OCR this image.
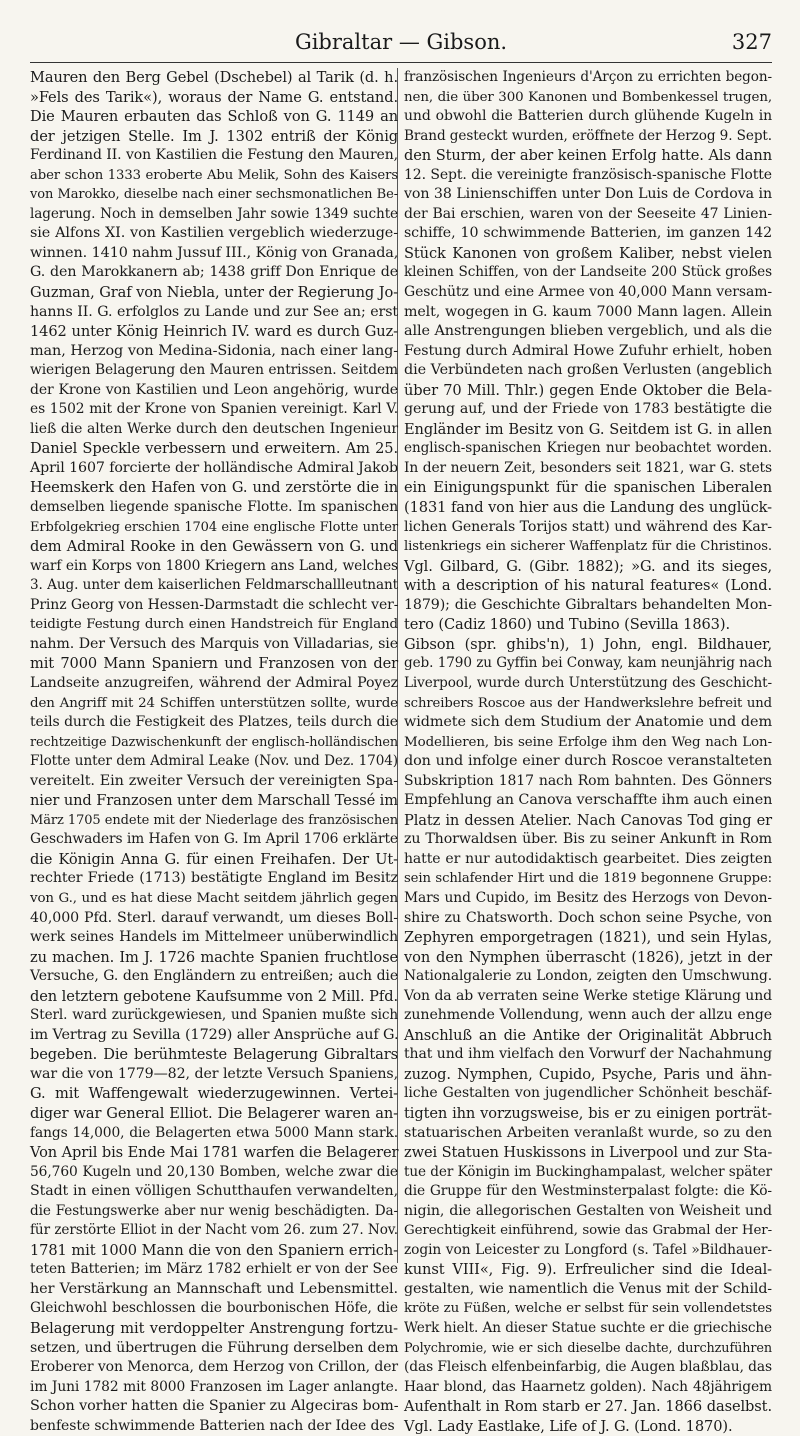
Gibraltar — Gibson.	327
Mauren den Berg Gebel (Dschebel) al Tarik (d. h.
»Fels des Tarik«), woraus der Name G. entstand.
Die Mauren erbauten das Schloß von G. 1149 an
der jetzigen Stelle. Im J. 1302 entriß der König
Ferdinand II. von Kastilien die Festung den Mauren,
aber schon 1333 eroberte Abu Melik, Sohn des Kaisers
von Marokko, dieselbe nach einer sechsmonatlichen Be-
lagerung. Noch in demselben Jahr sowie 1349 suchte
sie Alfons XI. von Kastilien vergeblich wiederzuge-
winnen. 1410 nahm Jussuf III., König von Granada,
G. den Marokkanern ab; 1438 griff Don Enrique de
Guzman, Graf von Niebla, unter der Regierung Jo-
hanns II. G. erfolglos zu Lande und zur See an; erst
1462 unter König Heinrich IV. ward es durch Guz-
man, Herzog von Medina-Sidonia, nach einer lang-
wierigen Belagerung den Mauren entrissen. Seitdem
der Krone von Kastilien und Leon angehörig, wurde
es 1502 mit der Krone von Spanien vereinigt. Karl V.
ließ die alten Werke durch den deutschen Ingenieur
Daniel Speckle verbessern und erweitern. Am 25.
April 1607 forcierte der holländische Admiral Jakob
Heemskerk den Hafen von G. und zerstörte die in
demselben liegende spanische Flotte. Im spanischen
Erbfolgekrieg erschien 1704 eine englische Flotte unter
dem Admiral Rooke in den Gewässern von G. und
warf ein Korps von 1800 Kriegern ans Land, welches
3. Aug. unter dem kaiserlichen Feldmarschallleutnant
Prinz Georg von Hessen-Darmstadt die schlecht ver-
teidigte Festung durch einen Handstreich für England
nahm. Der Versuch des Marquis von Villadarias, sie
mit 7000 Mann Spaniern und Franzosen von der
Landseite anzugreifen, während der Admiral Poyez
den Angriff mit 24 Schiffen unterstützen sollte, wurde
teils durch die Festigkeit des Platzes, teils durch die
rechtzeitige Dazwischenkunft der englisch-holländischen
Flotte unter dem Admiral Leake (Nov. und Dez. 1704)
vereitelt. Ein zweiter Versuch der vereinigten Spa-
nier und Franzosen unter dem Marschall Tessé im
März 1705 endete mit der Niederlage des französischen
Geschwaders im Hafen von G. Im April 1706 erklärte
die Königin Anna G. für einen Freihafen. Der Ut-
rechter Friede (1713) bestätigte England im Besitz
von G., und es hat diese Macht seitdem jährlich gegen
40,000 Pfd. Sterl. darauf verwandt, um dieses Boll-
werk seines Handels im Mittelmeer unüberwindlich
zu machen. Im J. 1726 machte Spanien fruchtlose
Versuche, G. den Engländern zu entreißen; auch die
den letztern gebotene Kaufsumme von 2 Mill. Pfd.
Sterl. ward zurückgewiesen, und Spanien mußte sich
im Vertrag zu Sevilla (1729) aller Ansprüche auf G.
begeben. Die berühmteste Belagerung Gibraltars
war die von 1779—82, der letzte Versuch Spaniens,
G. mit Waffengewalt wiederzugewinnen. Vertei-
diger war General Elliot. Die Belagerer waren an-
fangs 14,000, die Belagerten etwa 5000 Mann stark.
Von April bis Ende Mai 1781 warfen die Belagerer
56,760 Kugeln und 20,130 Bomben, welche zwar die
Stadt in einen völligen Schutthaufen verwandelten,
die Festungswerke aber nur wenig beschädigten. Da-
für zerstörte Elliot in der Nacht vom 26. zum 27. Nov.
1781 mit 1000 Mann die von den Spaniern errich-
teten Batterien; im März 1782 erhielt er von der See
her Verstärkung an Mannschaft und Lebensmittel.
Gleichwohl beschlossen die bourbonischen Höfe, die
Belagerung mit verdoppelter Anstrengung fortzu-
setzen, und übertrugen die Führung derselben dem
Eroberer von Menorca, dem Herzog von Crillon, der
im Juni 1782 mit 8000 Franzosen im Lager anlangte.
Schon vorher hatten die Spanier zu Algeciras bom-
benfeste schwimmende Batterien nach der Idee des
französischen Ingenieurs d'Arçon zu errichten begon-
nen, die über 300 Kanonen und Bombenkessel trugen,
und obwohl die Batterien durch glühende Kugeln in
Brand gesteckt wurden, eröffnete der Herzog 9. Sept.
den Sturm, der aber keinen Erfolg hatte. Als dann
12. Sept. die vereinigte französisch-spanische Flotte
von 38 Linienschiffen unter Don Luis de Cordova in
der Bai erschien, waren von der Seeseite 47 Linien-
schiffe, 10 schwimmende Batterien, im ganzen 142
Stück Kanonen von großem Kaliber, nebst vielen
kleinen Schiffen, von der Landseite 200 Stück großes
Geschütz und eine Armee von 40,000 Mann versam-
melt, wogegen in G. kaum 7000 Mann lagen. Allein
alle Anstrengungen blieben vergeblich, und als die
Festung durch Admiral Howe Zufuhr erhielt, hoben
die Verbündeten nach großen Verlusten (angeblich
über 70 Mill. Thlr.) gegen Ende Oktober die Bela-
gerung auf, und der Friede von 1783 bestätigte die
Engländer im Besitz von G. Seitdem ist G. in allen
englisch-spanischen Kriegen nur beobachtet worden.
In der neuern Zeit, besonders seit 1821, war G. stets
ein Einigungspunkt für die spanischen Liberalen
(1831 fand von hier aus die Landung des unglück-
lichen Generals Torijos statt) und während des Kar-
listenkriegs ein sicherer Waffenplatz für die Christinos.
Vgl. Gilbard, G. (Gibr. 1882); »G. and its sieges,
with a description of his natural features« (Lond.
1879); die Geschichte Gibraltars behandelten Mon-
tero (Cadiz 1860) und Tubino (Sevilla 1863).
Gibson (spr. ghibs'n), 1) John, engl. Bildhauer,
geb. 1790 zu Gyffin bei Conway, kam neunjährig nach
Liverpool, wurde durch Unterstützung des Geschicht-
schreibers Roscoe aus der Handwerkslehre befreit und
widmete sich dem Studium der Anatomie und dem
Modellieren, bis seine Erfolge ihm den Weg nach Lon-
don und infolge einer durch Roscoe veranstalteten
Subskription 1817 nach Rom bahnten. Des Gönners
Empfehlung an Canova verschaffte ihm auch einen
Platz in dessen Atelier. Nach Canovas Tod ging er
zu Thorwaldsen über. Bis zu seiner Ankunft in Rom
hatte er nur autodidaktisch gearbeitet. Dies zeigten
sein schlafender Hirt und die 1819 begonnene Gruppe:
Mars und Cupido, im Besitz des Herzogs von Devon-
shire zu Chatsworth. Doch schon seine Psyche, von
Zephyren emporgetragen (1821), und sein Hylas,
von den Nymphen überrascht (1826), jetzt in der
Nationalgalerie zu London, zeigten den Umschwung.
Von da ab verraten seine Werke stetige Klärung und
zunehmende Vollendung, wenn auch der allzu enge
Anschluß an die Antike der Originalität Abbruch
that und ihm vielfach den Vorwurf der Nachahmung
zuzog. Nymphen, Cupido, Psyche, Paris und ähn-
liche Gestalten von jugendlicher Schönheit beschäf-
tigten ihn vorzugsweise, bis er zu einigen porträt-
statuarischen Arbeiten veranlaßt wurde, so zu den
zwei Statuen Huskissons in Liverpool und zur Sta-
tue der Königin im Buckinghampalast, welcher später
die Gruppe für den Westminsterpalast folgte: die Kö-
nigin, die allegorischen Gestalten von Weisheit und
Gerechtigkeit einführend, sowie das Grabmal der Her-
zogin von Leicester zu Longford (s. Tafel »Bildhauer-
kunst VIII«, Fig. 9). Erfreulicher sind die Ideal-
gestalten, wie namentlich die Venus mit der Schild-
kröte zu Füßen, welche er selbst für sein vollendetstes
Werk hielt. An dieser Statue suchte er die griechische
Polychromie, wie er sich dieselbe dachte, durchzuführen
(das Fleisch elfenbeinfarbig, die Augen blaßblau, das
Haar blond, das Haarnetz golden). Nach 48jährigem
Aufenthalt in Rom starb er 27. Jan. 1866 daselbst.
Vgl. Lady Eastlake, Life of J. G. (Lond. 1870).
